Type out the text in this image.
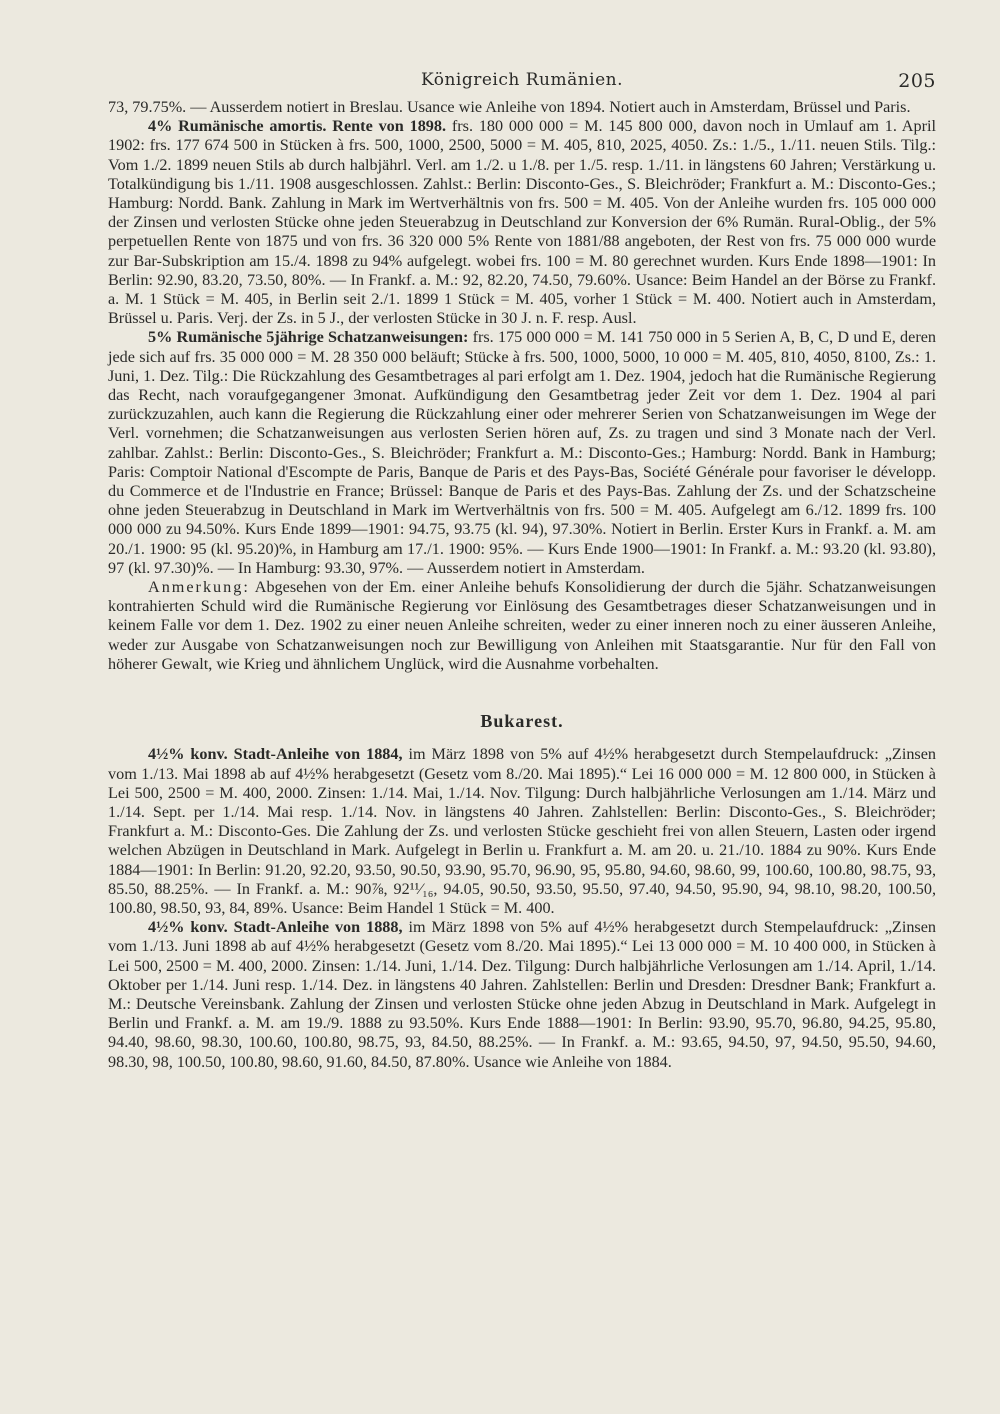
Königreich Rumänien.	205

73, 79.75%. — Ausserdem notiert in Breslau. Usance wie Anleihe von 1894. Notiert auch in Amsterdam, Brüssel und Paris.

4% Rumänische amortis. Rente von 1898. frs. 180 000 000 = M. 145 800 000, davon noch in Umlauf am 1. April 1902: frs. 177 674 500 in Stücken à frs. 500, 1000, 2500, 5000 = M. 405, 810, 2025, 4050. Zs.: 1./5., 1./11. neuen Stils. Tilg.: Vom 1./2. 1899 neuen Stils ab durch halbjährl. Verl. am 1./2. u 1./8. per 1./5. resp. 1./11. in längstens 60 Jahren; Verstärkung u. Totalkündigung bis 1./11. 1908 ausgeschlossen. Zahlst.: Berlin: Disconto-Ges., S. Bleichröder; Frankfurt a. M.: Disconto-Ges.; Hamburg: Nordd. Bank. Zahlung in Mark im Wertverhältnis von frs. 500 = M. 405. Von der Anleihe wurden frs. 105 000 000 der Zinsen und verlosten Stücke ohne jeden Steuerabzug in Deutschland zur Konversion der 6% Rumän. Rural-Oblig., der 5% perpetuellen Rente von 1875 und von frs. 36 320 000 5% Rente von 1881/88 angeboten, der Rest von frs. 75 000 000 wurde zur Bar-Subskription am 15./4. 1898 zu 94% aufgelegt. wobei frs. 100 = M. 80 gerechnet wurden. Kurs Ende 1898—1901: In Berlin: 92.90, 83.20, 73.50, 80%. — In Frankf. a. M.: 92, 82.20, 74.50, 79.60%. Usance: Beim Handel an der Börse zu Frankf. a. M. 1 Stück = M. 405, in Berlin seit 2./1. 1899 1 Stück = M. 405, vorher 1 Stück = M. 400. Notiert auch in Amsterdam, Brüssel u. Paris. Verj. der Zs. in 5 J., der verlosten Stücke in 30 J. n. F. resp. Ausl.

5% Rumänische 5jährige Schatzanweisungen: frs. 175 000 000 = M. 141 750 000 in 5 Serien A, B, C, D und E, deren jede sich auf frs. 35 000 000 = M. 28 350 000 beläuft; Stücke à frs. 500, 1000, 5000, 10 000 = M. 405, 810, 4050, 8100, Zs.: 1. Juni, 1. Dez. Tilg.: Die Rückzahlung des Gesamtbetrages al pari erfolgt am 1. Dez. 1904, jedoch hat die Rumänische Regierung das Recht, nach voraufgegangener 3monat. Aufkündigung den Gesamtbetrag jeder Zeit vor dem 1. Dez. 1904 al pari zurückzuzahlen, auch kann die Regierung die Rückzahlung einer oder mehrerer Serien von Schatzanweisungen im Wege der Verl. vornehmen; die Schatzanweisungen aus verlosten Serien hören auf, Zs. zu tragen und sind 3 Monate nach der Verl. zahlbar. Zahlst.: Berlin: Disconto-Ges., S. Bleichröder; Frankfurt a. M.: Disconto-Ges.; Hamburg: Nordd. Bank in Hamburg; Paris: Comptoir National d'Escompte de Paris, Banque de Paris et des Pays-Bas, Société Générale pour favoriser le développ. du Commerce et de l'Industrie en France; Brüssel: Banque de Paris et des Pays-Bas. Zahlung der Zs. und der Schatzscheine ohne jeden Steuerabzug in Deutschland in Mark im Wertverhältnis von frs. 500 = M. 405. Aufgelegt am 6./12. 1899 frs. 100 000 000 zu 94.50%. Kurs Ende 1899—1901: 94.75, 93.75 (kl. 94), 97.30%. Notiert in Berlin. Erster Kurs in Frankf. a. M. am 20./1. 1900: 95 (kl. 95.20)%, in Hamburg am 17./1. 1900: 95%. — Kurs Ende 1900—1901: In Frankf. a. M.: 93.20 (kl. 93.80), 97 (kl. 97.30)%. — In Hamburg: 93.30, 97%. — Ausserdem notiert in Amsterdam.

Anmerkung: Abgesehen von der Em. einer Anleihe behufs Konsolidierung der durch die 5jähr. Schatzanweisungen kontrahierten Schuld wird die Rumänische Regierung vor Einlösung des Gesamtbetrages dieser Schatzanweisungen und in keinem Falle vor dem 1. Dez. 1902 zu einer neuen Anleihe schreiten, weder zu einer inneren noch zu einer äusseren Anleihe, weder zur Ausgabe von Schatzanweisungen noch zur Bewilligung von Anleihen mit Staatsgarantie. Nur für den Fall von höherer Gewalt, wie Krieg und ähnlichem Unglück, wird die Ausnahme vorbehalten.

Bukarest.

4½% konv. Stadt-Anleihe von 1884, im März 1898 von 5% auf 4½% herabgesetzt durch Stempelaufdruck: „Zinsen vom 1./13. Mai 1898 ab auf 4½% herabgesetzt (Gesetz vom 8./20. Mai 1895).“ Lei 16 000 000 = M. 12 800 000, in Stücken à Lei 500, 2500 = M. 400, 2000. Zinsen: 1./14. Mai, 1./14. Nov. Tilgung: Durch halbjährliche Verlosungen am 1./14. März und 1./14. Sept. per 1./14. Mai resp. 1./14. Nov. in längstens 40 Jahren. Zahlstellen: Berlin: Disconto-Ges., S. Bleichröder; Frankfurt a. M.: Disconto-Ges. Die Zahlung der Zs. und verlosten Stücke geschieht frei von allen Steuern, Lasten oder irgend welchen Abzügen in Deutschland in Mark. Aufgelegt in Berlin u. Frankfurt a. M. am 20. u. 21./10. 1884 zu 90%. Kurs Ende 1884—1901: In Berlin: 91.20, 92.20, 93.50, 90.50, 93.90, 95.70, 96.90, 95, 95.80, 94.60, 98.60, 99, 100.60, 100.80, 98.75, 93, 85.50, 88.25%. — In Frankf. a. M.: 90⅞, 92¹¹⁄₁₆, 94.05, 90.50, 93.50, 95.50, 97.40, 94.50, 95.90, 94, 98.10, 98.20, 100.50, 100.80, 98.50, 93, 84, 89%. Usance: Beim Handel 1 Stück = M. 400.

4½% konv. Stadt-Anleihe von 1888, im März 1898 von 5% auf 4½% herabgesetzt durch Stempelaufdruck: „Zinsen vom 1./13. Juni 1898 ab auf 4½% herabgesetzt (Gesetz vom 8./20. Mai 1895).“ Lei 13 000 000 = M. 10 400 000, in Stücken à Lei 500, 2500 = M. 400, 2000. Zinsen: 1./14. Juni, 1./14. Dez. Tilgung: Durch halbjährliche Verlosungen am 1./14. April, 1./14. Oktober per 1./14. Juni resp. 1./14. Dez. in längstens 40 Jahren. Zahlstellen: Berlin und Dresden: Dresdner Bank; Frankfurt a. M.: Deutsche Vereinsbank. Zahlung der Zinsen und verlosten Stücke ohne jeden Abzug in Deutschland in Mark. Aufgelegt in Berlin und Frankf. a. M. am 19./9. 1888 zu 93.50%. Kurs Ende 1888—1901: In Berlin: 93.90, 95.70, 96.80, 94.25, 95.80, 94.40, 98.60, 98.30, 100.60, 100.80, 98.75, 93, 84.50, 88.25%. — In Frankf. a. M.: 93.65, 94.50, 97, 94.50, 95.50, 94.60, 98.30, 98, 100.50, 100.80, 98.60, 91.60, 84.50, 87.80%. Usance wie Anleihe von 1884.
